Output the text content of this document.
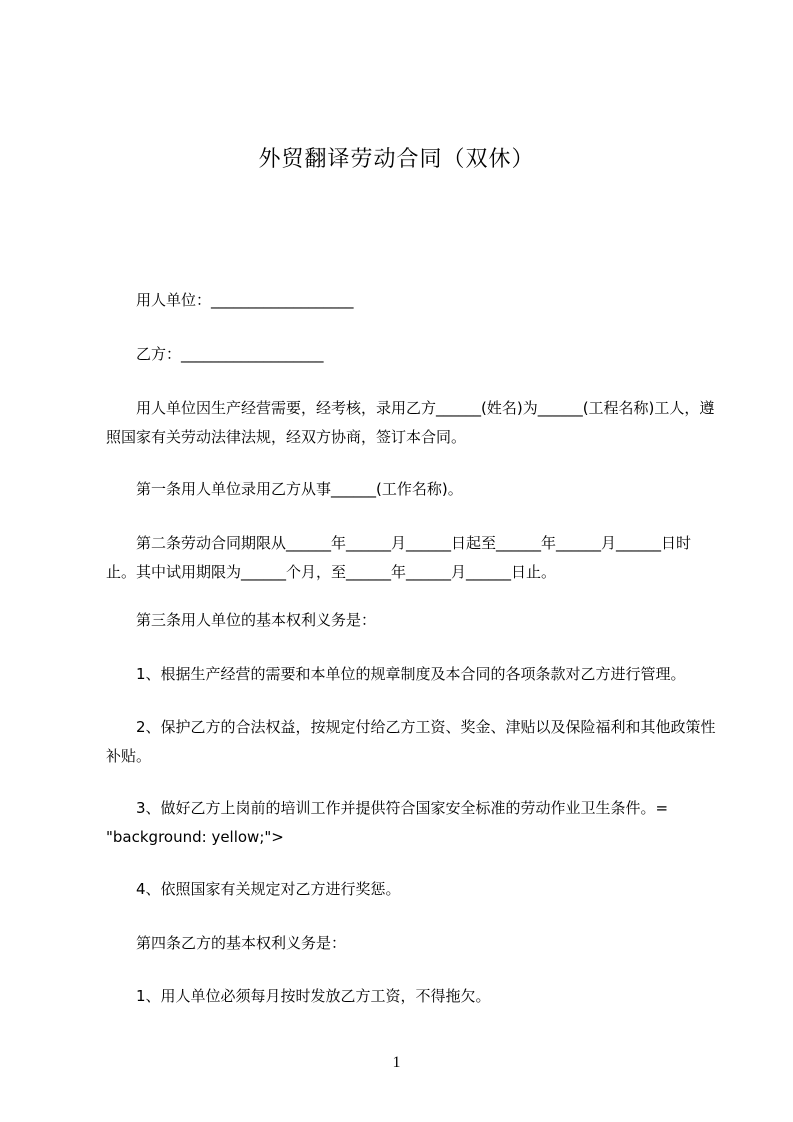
外贸翻译劳动合同（双休）

用人单位：___________________

乙方：___________________

用人单位因生产经营需要，经考核，录用乙方______(姓名)为______(工程名称)工人，遵照国家有关劳动法律法规，经双方协商，签订本合同。

第一条用人单位录用乙方从事______(工作名称)。

第二条劳动合同期限从______年______月______日起至______年______月______日时止。其中试用期限为______个月，至______年______月______日止。

第三条用人单位的基本权利义务是：

1、根据生产经营的需要和本单位的规章制度及本合同的各项条款对乙方进行管理。

2、保护乙方的合法权益，按规定付给乙方工资、奖金、津贴以及保险福利和其他政策性补贴。

3、做好乙方上岗前的培训工作并提供符合国家安全标准的劳动作业卫生条件。= "background: yellow;">

4、依照国家有关规定对乙方进行奖惩。

第四条乙方的基本权利义务是：

1、用人单位必须每月按时发放乙方工资，不得拖欠。

1
